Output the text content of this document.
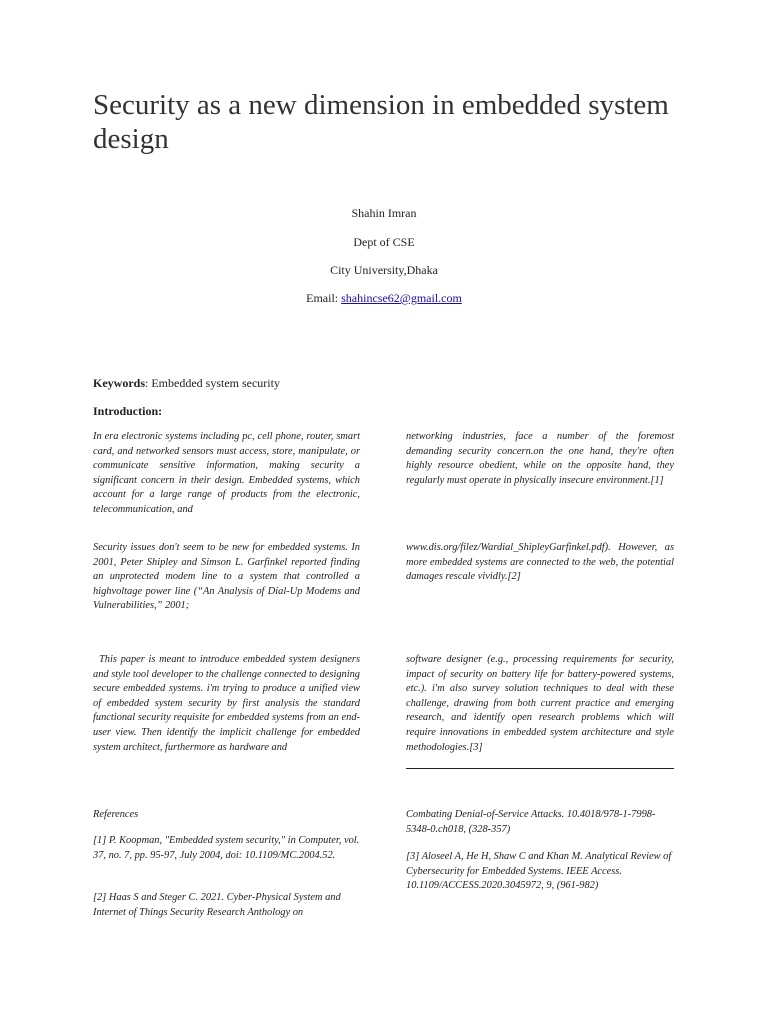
Security as a new dimension in embedded system design
Shahin Imran
Dept of CSE
City University,Dhaka
Email: shahincse62@gmail.com
Keywords: Embedded system security
Introduction:

In era electronic systems including pc, cell phone, router, smart card, and networked sensors must access, store, manipulate, or communicate sensitive information, making security a significant concern in their design. Embedded systems, which account for a large range of products from the electronic, telecommunication, and

networking industries, face a number of the foremost demanding security concern.on the one hand, they're often highly resource obedient, while on the opposite hand, they regularly must operate in physically insecure environment.[1]

Security issues don't seem to be new for embedded systems. In 2001, Peter Shipley and Simson L. Garfinkel reported finding an unprotected modem line to a system that controlled a highvoltage power line (“An Analysis of Dial-Up Modems and Vulnerabilities,” 2001;

www.dis.org/filez/Wardial_ShipleyGarfinkel.pdf). However, as more embedded systems are connected to the web, the potential damages rescale vividly.[2]

This paper is meant to introduce embedded system designers and style tool developer to the challenge connected to designing secure embedded systems. i'm trying to produce a unified view of embedded system security by first analysis the standard functional security requisite for embedded systems from an end-user view. Then identify the implicit challenge for embedded system architect, furthermore as hardware and

software designer (e.g., processing requirements for security, impact of security on battery life for battery-powered systems, etc.). i'm also survey solution techniques to deal with these challenge, drawing from both current practice and emerging research, and identify open research problems which will require innovations in embedded system architecture and style methodologies.[3]

References

[1] P. Koopman, "Embedded system security," in Computer, vol. 37, no. 7, pp. 95-97, July 2004, doi: 10.1109/MC.2004.52.

[2] Haas S and Steger C. 2021. Cyber-Physical System and Internet of Things Security Research Anthology on

Combating Denial-of-Service Attacks. 10.4018/978-1-7998-5348-0.ch018, (328-357)

[3] Aloseel A, He H, Shaw C and Khan M. Analytical Review of Cybersecurity for Embedded Systems. IEEE Access. 10.1109/ACCESS.2020.3045972, 9, (961-982)
